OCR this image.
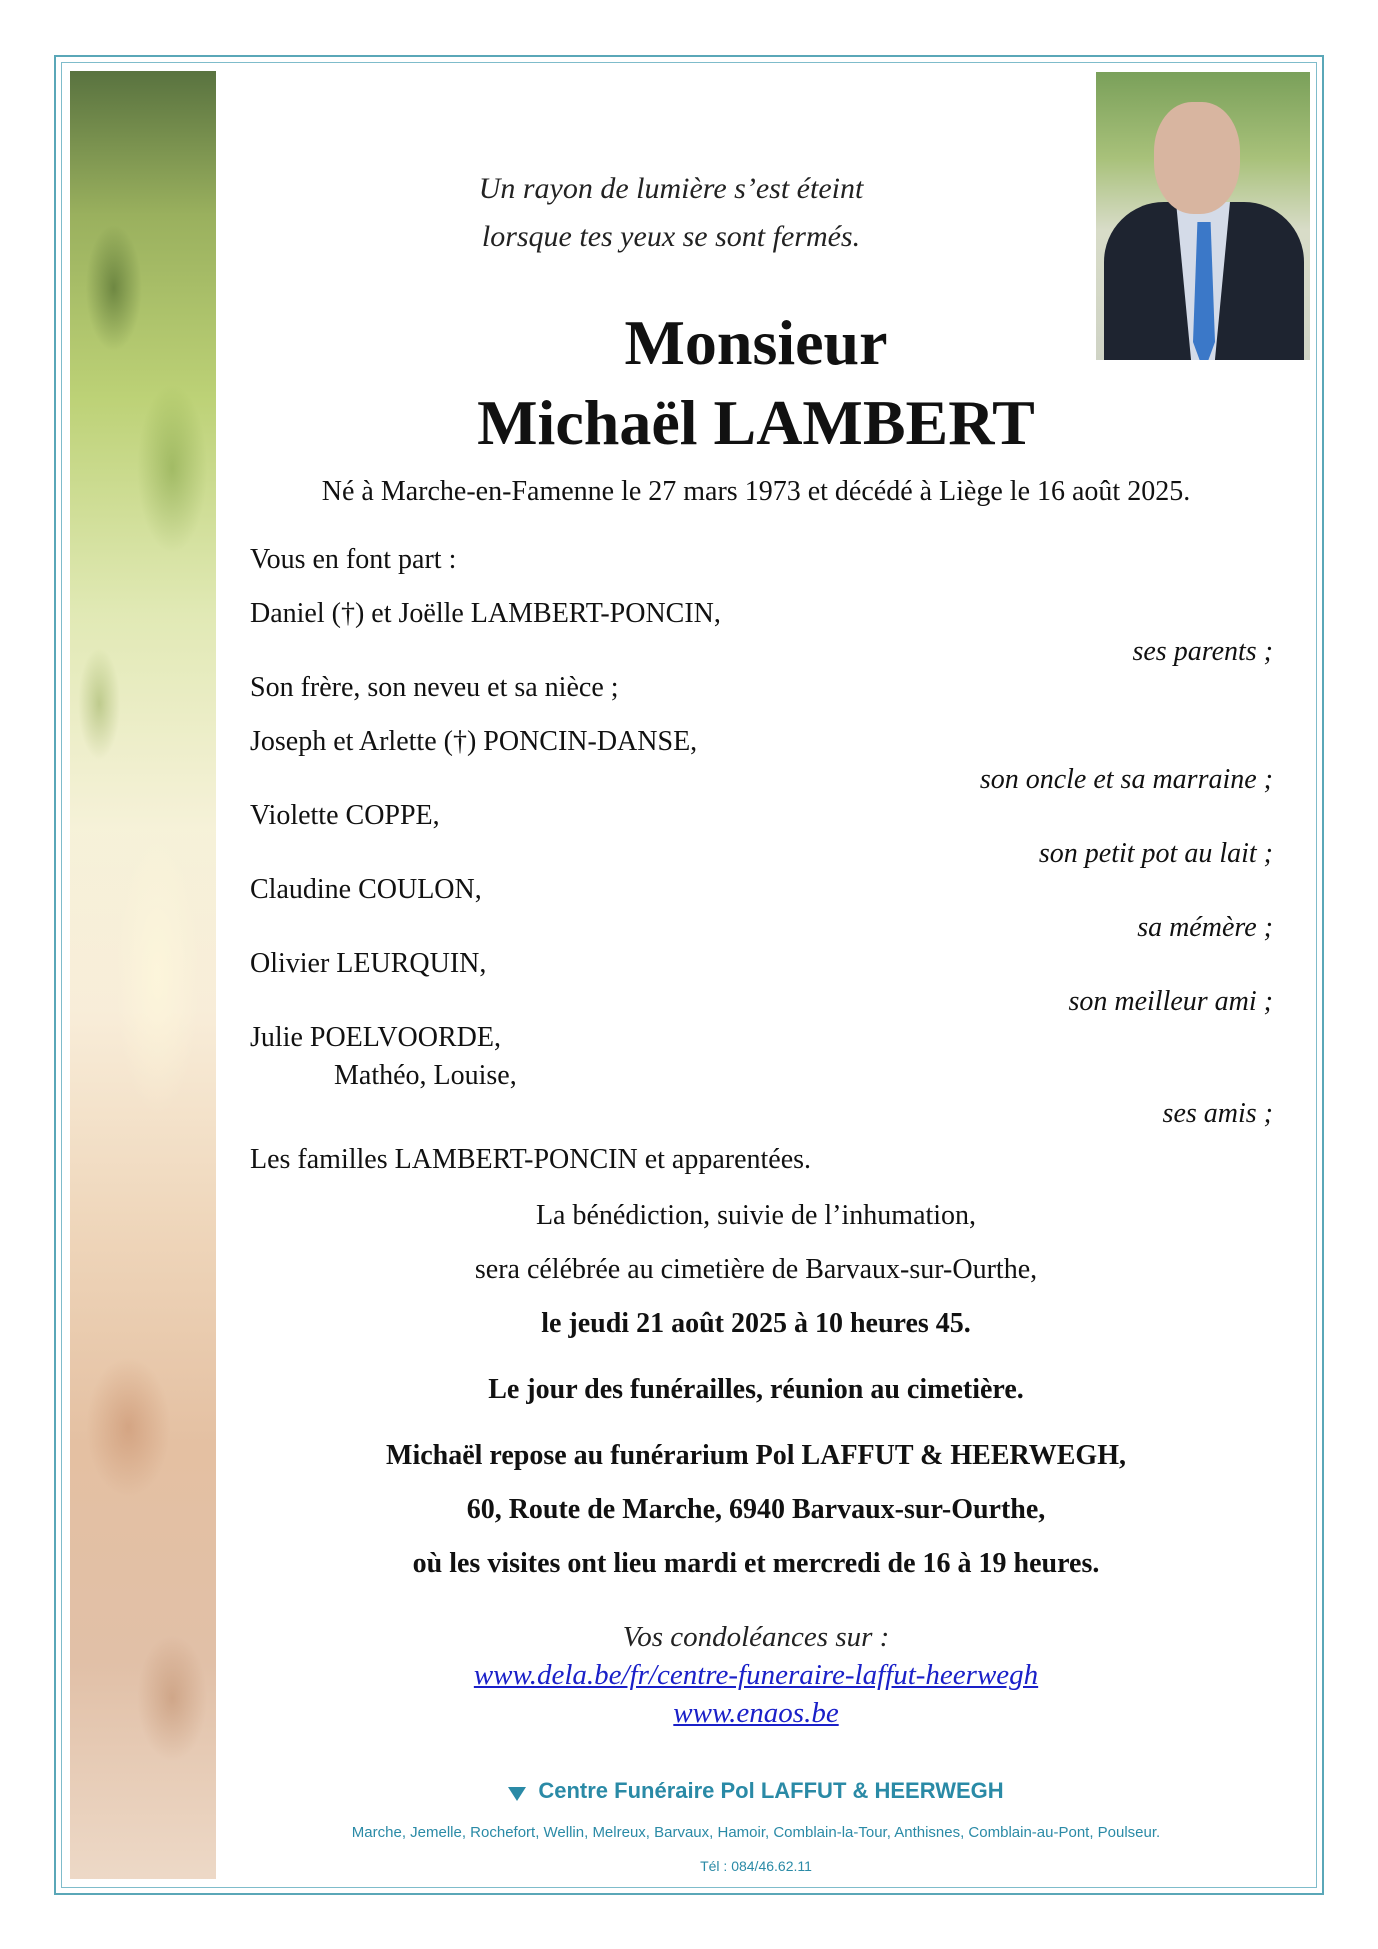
Un rayon de lumière s’est éteint

lorsque tes yeux se sont fermés.

Monsieur

Michaël LAMBERT

Né à Marche-en-Famenne le 27 mars 1973 et décédé à Liège le 16 août 2025.

Vous en font part :

Daniel (†) et Joëlle LAMBERT-PONCIN,

ses parents ;

Son frère, son neveu et sa nièce ;

Joseph et Arlette (†) PONCIN-DANSE,

son oncle et sa marraine ;

Violette COPPE,

son petit pot au lait ;

Claudine COULON,

sa mémère ;

Olivier LEURQUIN,

son meilleur ami ;

Julie POELVOORDE,

Mathéo, Louise,

ses amis ;

Les familles LAMBERT-PONCIN et apparentées.

La bénédiction, suivie de l’inhumation,

sera célébrée au cimetière de Barvaux-sur-Ourthe,

le jeudi 21 août 2025 à 10 heures 45.

Le jour des funérailles, réunion au cimetière.

Michaël repose au funérarium Pol LAFFUT & HEERWEGH,

60, Route de Marche, 6940 Barvaux-sur-Ourthe,

où les visites ont lieu mardi et mercredi de 16 à 19 heures.

Vos condoléances sur :

www.dela.be/fr/centre-funeraire-laffut-heerwegh

www.enaos.be

Centre Funéraire Pol LAFFUT & HEERWEGH

Marche, Jemelle, Rochefort, Wellin, Melreux, Barvaux, Hamoir, Comblain-la-Tour, Anthisnes, Comblain-au-Pont, Poulseur.

Tél : 084/46.62.11
